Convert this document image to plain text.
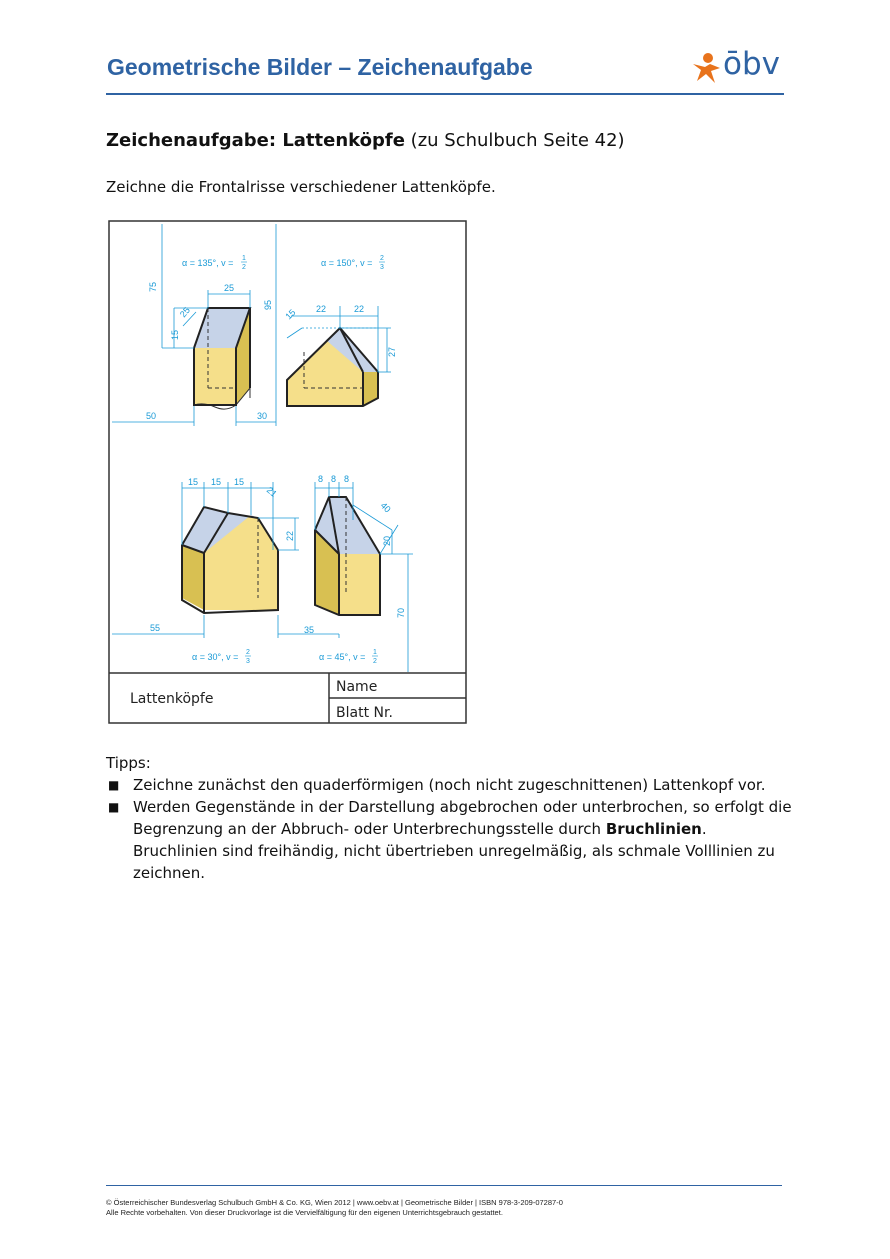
Geometrische Bilder – Zeichenaufgabe	ōbv
Zeichenaufgabe: Lattenköpfe (zu Schulbuch Seite 42)
Zeichne die Frontalrisse verschiedener Lattenköpfe.
75
95
25
25
15
50	30
15 22	22
27
15 15 15
21
22
55	35
8 8 8
40
20
70
α = 135°, v = 1
2	α = 150°, v = 2
3
α = 30°, v = 2
3	α = 45°, v = 1
2
Lattenköpfe
Name
Blatt Nr.
Tipps:
■ Zeichne zunächst den quaderförmigen (noch nicht zugeschnittenen) Lattenkopf vor.
■ Werden Gegenstände in der Darstellung abgebrochen oder unterbrochen, so erfolgt die Begrenzung an der Abbruch- oder Unterbrechungsstelle durch Bruchlinien.
Bruchlinien sind freihändig, nicht übertrieben unregelmäßig, als schmale Volllinien zu zeichnen.
© Österreichischer Bundesverlag Schulbuch GmbH & Co. KG, Wien 2012 | www.oebv.at | Geometrische Bilder | ISBN 978-3-209-07287-0
Alle Rechte vorbehalten. Von dieser Druckvorlage ist die Vervielfältigung für den eigenen Unterrichtsgebrauch gestattet.
